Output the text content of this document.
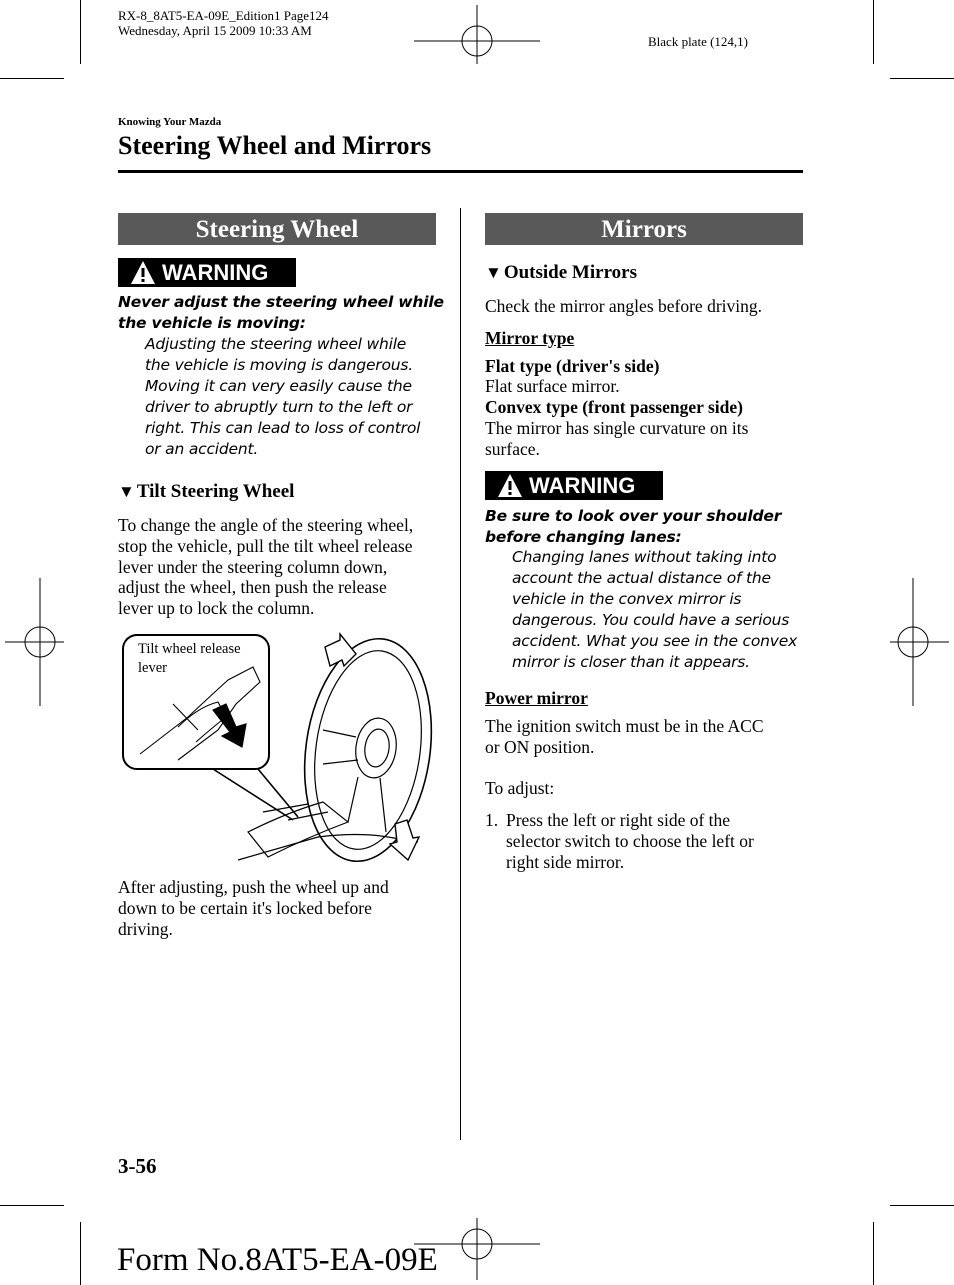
RX-8_8AT5-EA-09E_Edition1 Page124
Wednesday, April 15 2009 10:33 AM
Black plate (124,1)
Knowing Your Mazda
Steering Wheel and Mirrors
Steering Wheel
WARNING
Never adjust the steering wheel while
the vehicle is moving:
Adjusting the steering wheel while
the vehicle is moving is dangerous.
Moving it can very easily cause the
driver to abruptly turn to the left or
right. This can lead to loss of control
or an accident.
▼ Tilt Steering Wheel
To change the angle of the steering wheel,
stop the vehicle, pull the tilt wheel release
lever under the steering column down,
adjust the wheel, then push the release
lever up to lock the column.
Tilt wheel release
lever
After adjusting, push the wheel up and
down to be certain it's locked before
driving.
Mirrors
▼ Outside Mirrors
Check the mirror angles before driving.
Mirror type
Flat type (driver's side)
Flat surface mirror.
Convex type (front passenger side)
The mirror has single curvature on its
surface.
WARNING
Be sure to look over your shoulder
before changing lanes:
Changing lanes without taking into
account the actual distance of the
vehicle in the convex mirror is
dangerous. You could have a serious
accident. What you see in the convex
mirror is closer than it appears.
Power mirror
The ignition switch must be in the ACC
or ON position.
To adjust:
1. Press the left or right side of the
selector switch to choose the left or
right side mirror.
3-56
Form No.8AT5-EA-09E
